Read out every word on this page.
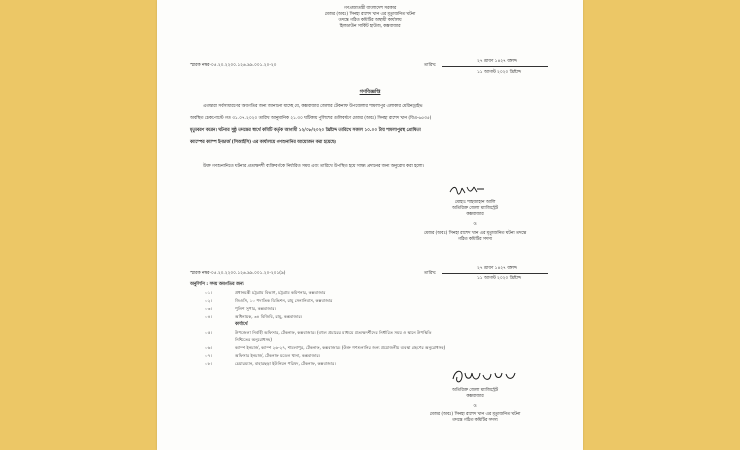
গণপ্রজাতন্ত্রী বাংলাদেশ সরকার
মেজর (অবঃ) সিনহা রাশেদ খান এর মৃত্যুজনিত ঘটনা
তদন্তে গঠিত কমিটির অস্থায়ী কার্যালয়
হিলডাউন সার্কিট হাউজ, কক্সবাজার
স্মারক নম্বর-০৫.২০.২২০০.১২৬.৯৯.০০১.২০-২০	তারিখ:
২৭ শ্রাবণ ১৪২৭ বঙ্গাব্দ
১১ আগস্ট ২০২০ খ্রিষ্টাব্দ
গণবিজ্ঞপ্তি
এতদ্বারা সর্বসাধারণের অবগতির জন্য জানানো যাচ্ছে যে, কক্সবাজার জেলার টেকনাফ উপজেলার শামলাপুর এলাকার মেরিনড্রাইভ
অবস্থিত চেকপোস্টে গত ৩১.০৭.২০২০ তারিখ আনুমানিক ২১.৩০ ঘটিকায় পুলিশের গুলিবর্ষণে মেজর (অবঃ) সিনহা রাশেদ খান (বিএ-৬৫৩৫)
মৃত্যুবরণ করেন। ঘটনার সুষ্ঠু তদন্তের স্বার্থে কমিটি কর্তৃক আগামী ১২/০৮/২০২০ খ্রিষ্টাব্দ তারিখে সকাল ১০.০০ টায় শামলাপুরস্থ প্রোষিতা
ক্যাম্পের ক্যাম্প ইনচার্জ (সিআইসি) এর কার্যালয়ে গণশুনানির আয়োজন করা হয়েছে।
উক্ত গণশুনানিতে ঘটনার প্রত্যক্ষদর্শী ব্যক্তিবর্গকে নির্ধারিত সময় এবং তারিখে উপস্থিত হয়ে সাক্ষ্য প্রদানের জন্য অনুরোধ করা হলো।
মোহাঃ শাহজাহান আলি
অতিরিক্ত জেলা ম্যাজিস্ট্রেট
কক্সবাজার
ও
মেজর (অবঃ) সিনহা রাশেদ খান এর মৃত্যুজনিত ঘটনা তদন্তে
গঠিত কমিটির সদস্য
স্মারক নম্বর-০৫.২০.২২০০.১২৬.৯৯.০০১.২০-২০১(৯)	তারিখ:
২৭ শ্রাবণ ১৪২৭ বঙ্গাব্দ
১১ আগস্ট ২০২০ খ্রিষ্টাব্দ
অনুলিপি : সদয় অবগতির জন্য
০১।	প্রধানমন্ত্রী চট্টগ্রাম বিভাগ, চট্টগ্রাম কমিশনার, কক্সবাজার
০২।	জিওসি, ১০ পদাতিক ডিভিশন, রামু সেনানিবাস, কক্সবাজার
০৩।	পুলিশ সুপার, কক্সবাজার।
০৪।	অধিনায়ক, ৩৪ বিজিবি, রামু, কক্সবাজার।
কার্যার্থে
০৫।	উপজেলা নির্বাহী অফিসার, টেকনাফ, কক্সবাজার। (বহুল প্রচারের মাধ্যমে প্রত্যক্ষদর্শীদের নির্ধারিত সময় ও স্থানে উপস্থিতি
নিশ্চিতের অনুরোধসহ)
০৬।	ক্যাম্প ইনচার্জ, ক্যাম্প ২৬-২৭, শামলাপুর, টেকনাফ, কক্সবাজার। (উক্ত গণশুনানির জন্য প্রয়োজনীয় ব্যবস্থা গ্রহণের অনুরোধসহ)
০৭।	অফিসার ইনচার্জ, টেকনাফ মডেল থানা, কক্সবাজার।
০৮।	চেয়ারম্যান, বাহারছড়া ইউনিয়ন পরিষদ, টেকনাফ, কক্সবাজার।
অতিরিক্ত জেলা ম্যাজিস্ট্রেট
কক্সবাজার
ও
মেজর (অবঃ) সিনহা রাশেদ খান এর মৃত্যুজনিত ঘটনা
তদন্তে গঠিত কমিটির সদস্য
